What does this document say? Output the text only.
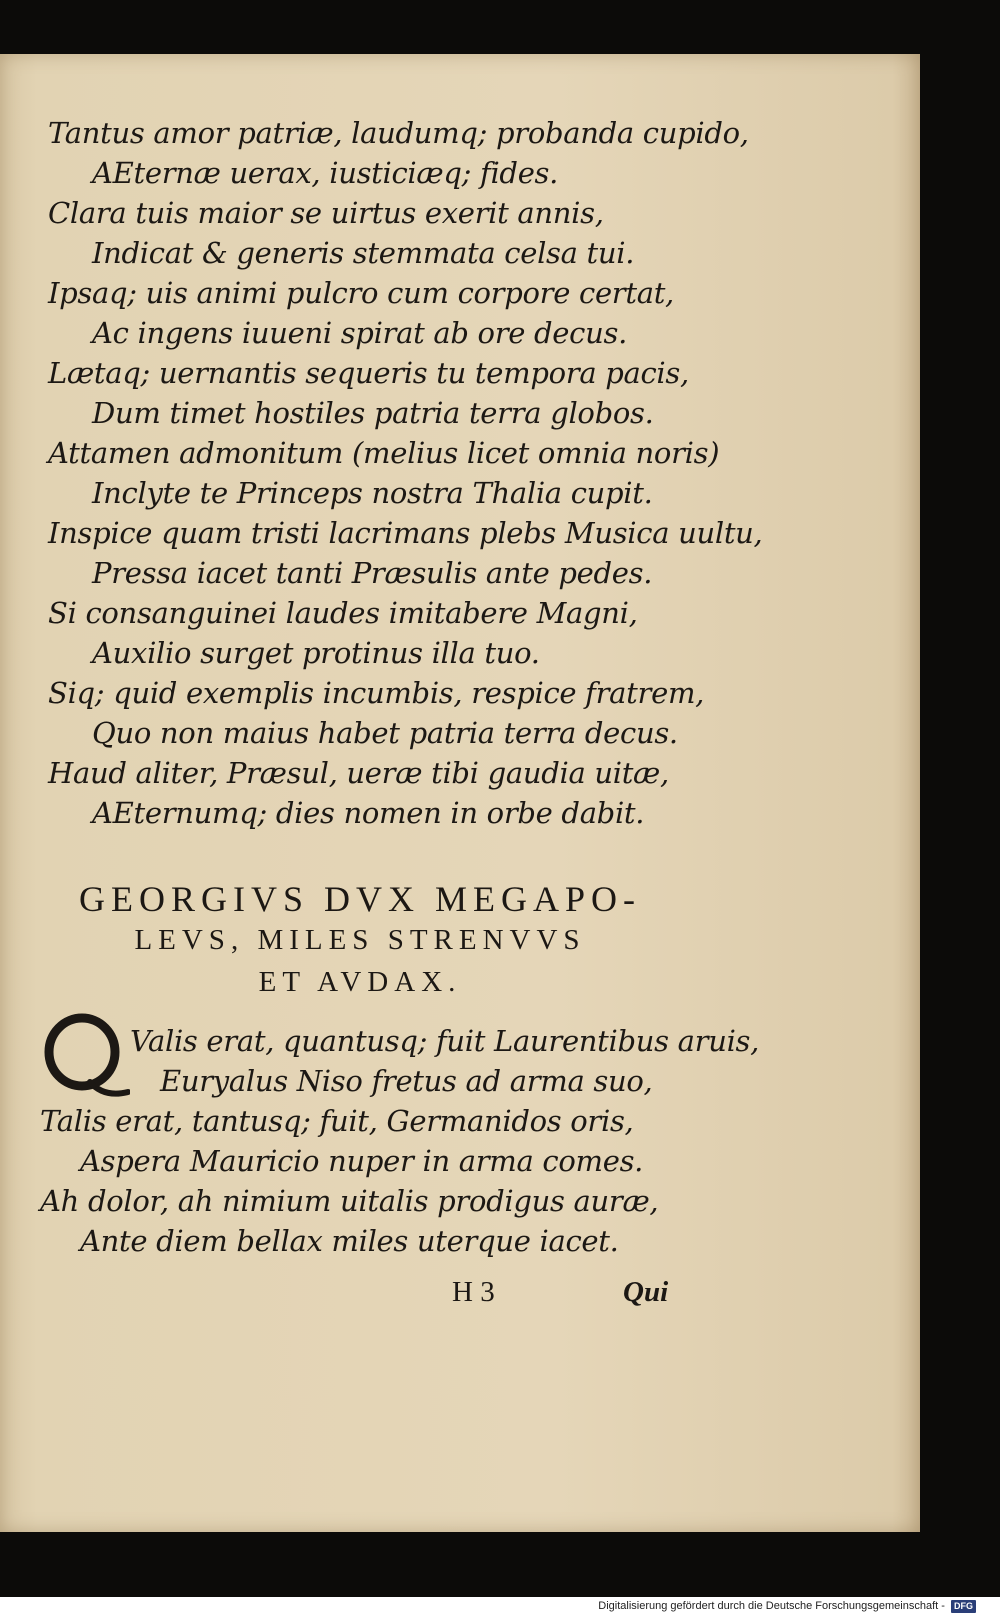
Tantus amor patriæ, laudumq; probanda cupido,

AEternæ uerax, iusticiæq; fides.

Clara tuis maior se uirtus exerit annis,

Indicat & generis stemmata celsa tui.

Ipsaq; uis animi pulcro cum corpore certat,

Ac ingens iuueni spirat ab ore decus.

Lætaq; uernantis sequeris tu tempora pacis,

Dum timet hostiles patria terra globos.

Attamen admonitum (melius licet omnia noris)

Inclyte te Princeps nostra Thalia cupit.

Inspice quam tristi lacrimans plebs Musica uultu,

Pressa iacet tanti Præsulis ante pedes.

Si consanguinei laudes imitabere Magni,

Auxilio surget protinus illa tuo.

Siq; quid exemplis incumbis, respice fratrem,

Quo non maius habet patria terra decus.

Haud aliter, Præsul, ueræ tibi gaudia uitæ,

AEternumq; dies nomen in orbe dabit.

GEORGIVS DVX MEGAPO-

LEVS, MILES STRENVVS

ET AVDAX.

Valis erat, quantusq; fuit Laurentibus aruis,

Euryalus Niso fretus ad arma suo,

Talis erat, tantusq; fuit, Germanidos oris,

Aspera Mauricio nuper in arma comes.

Ah dolor, ah nimium uitalis prodigus auræ,

Ante diem bellax miles uterque iacet.

H 3	Qui

Digitalisierung gefördert durch die Deutsche Forschungsgemeinschaft - DFG
